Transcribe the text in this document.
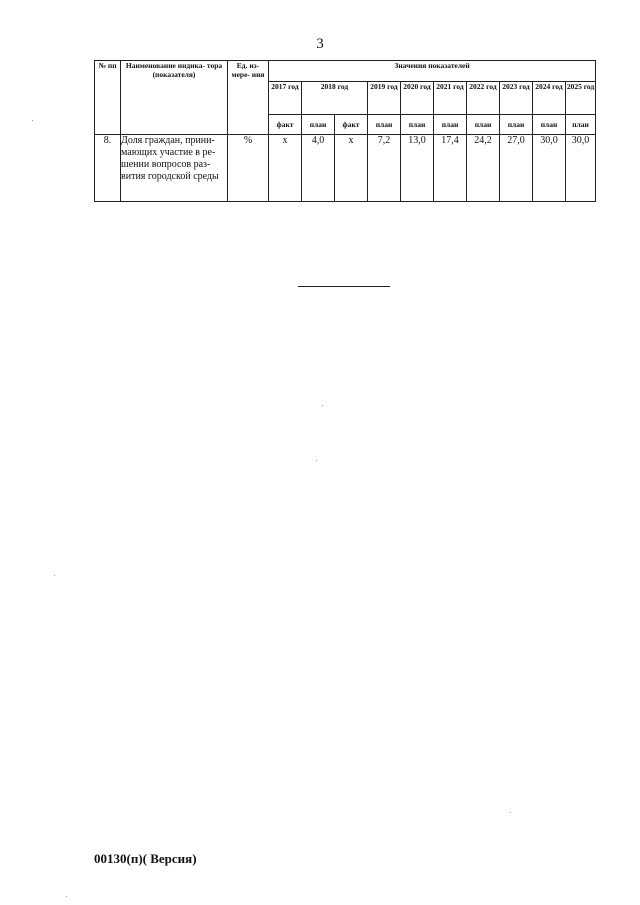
3
№ пп	Наименование индика- тора (показателя)	Ед. из- мере- ния	Значения показателей									
			2017 год	2018 год		2019 год	2020 год	2021 год	2022 год	2023 год	2024 год	2025 год
			факт	план	факт	план	план	план	план	план	план	план
8.	Доля граждан, прини- мающих участие в ре- шении вопросов раз- вития городской среды	%	х	4,0	х	7,2	13,0	17,4	24,2	27,0	30,0	30,0
00130(п)( Версия)
